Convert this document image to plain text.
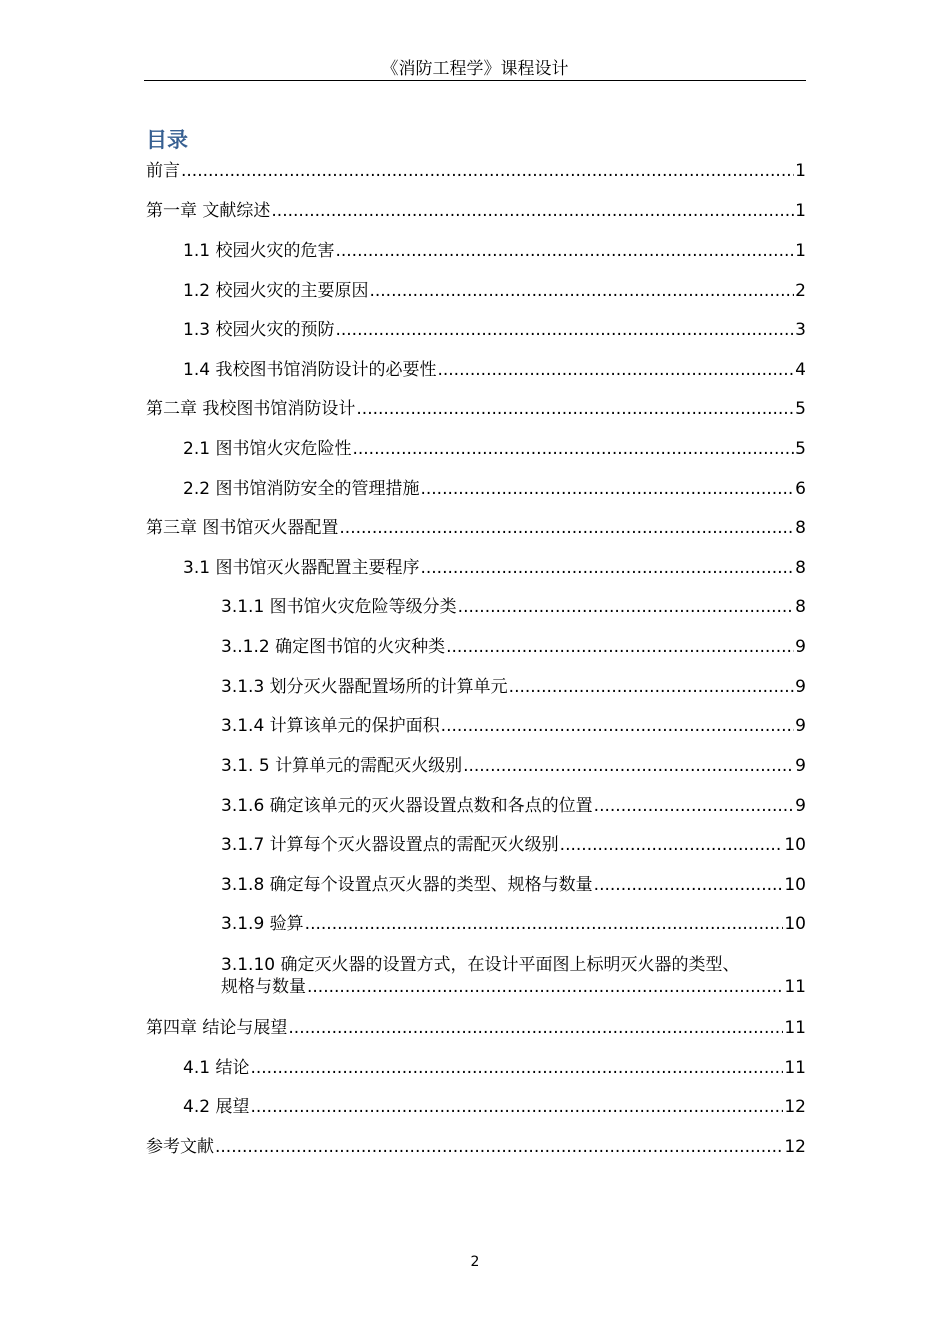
《消防工程学》课程设计
目录
前言 .....	1
第一章 文献综述 .....	1
1.1 校园火灾的危害 .....	1
1.2 校园火灾的主要原因 .....	2
1.3 校园火灾的预防 .....	3
1.4 我校图书馆消防设计的必要性 .....	4
第二章 我校图书馆消防设计 .....	5
2.1 图书馆火灾危险性 .....	5
2.2 图书馆消防安全的管理措施 .....	6
第三章 图书馆灭火器配置 .....	8
3.1 图书馆灭火器配置主要程序 .....	8
3.1.1 图书馆火灾危险等级分类 .....	8
3..1.2 确定图书馆的火灾种类 .....	9
3.1.3 划分灭火器配置场所的计算单元 .....	9
3.1.4 计算该单元的保护面积 .....	9
3.1. 5 计算单元的需配灭火级别 .....	9
3.1.6 确定该单元的灭火器设置点数和各点的位置 .....	9
3.1.7 计算每个灭火器设置点的需配灭火级别 .....	10
3.1.8 确定每个设置点灭火器的类型、规格与数量 .....	10
3.1.9 验算 .....	10
3.1.10 确定灭火器的设置方式，在设计平面图上标明灭火器的类型、
规格与数量 .....	11
第四章 结论与展望 .....	11
4.1 结论 .....	11
4.2 展望 .....	12
参考文献 .....	12
2
